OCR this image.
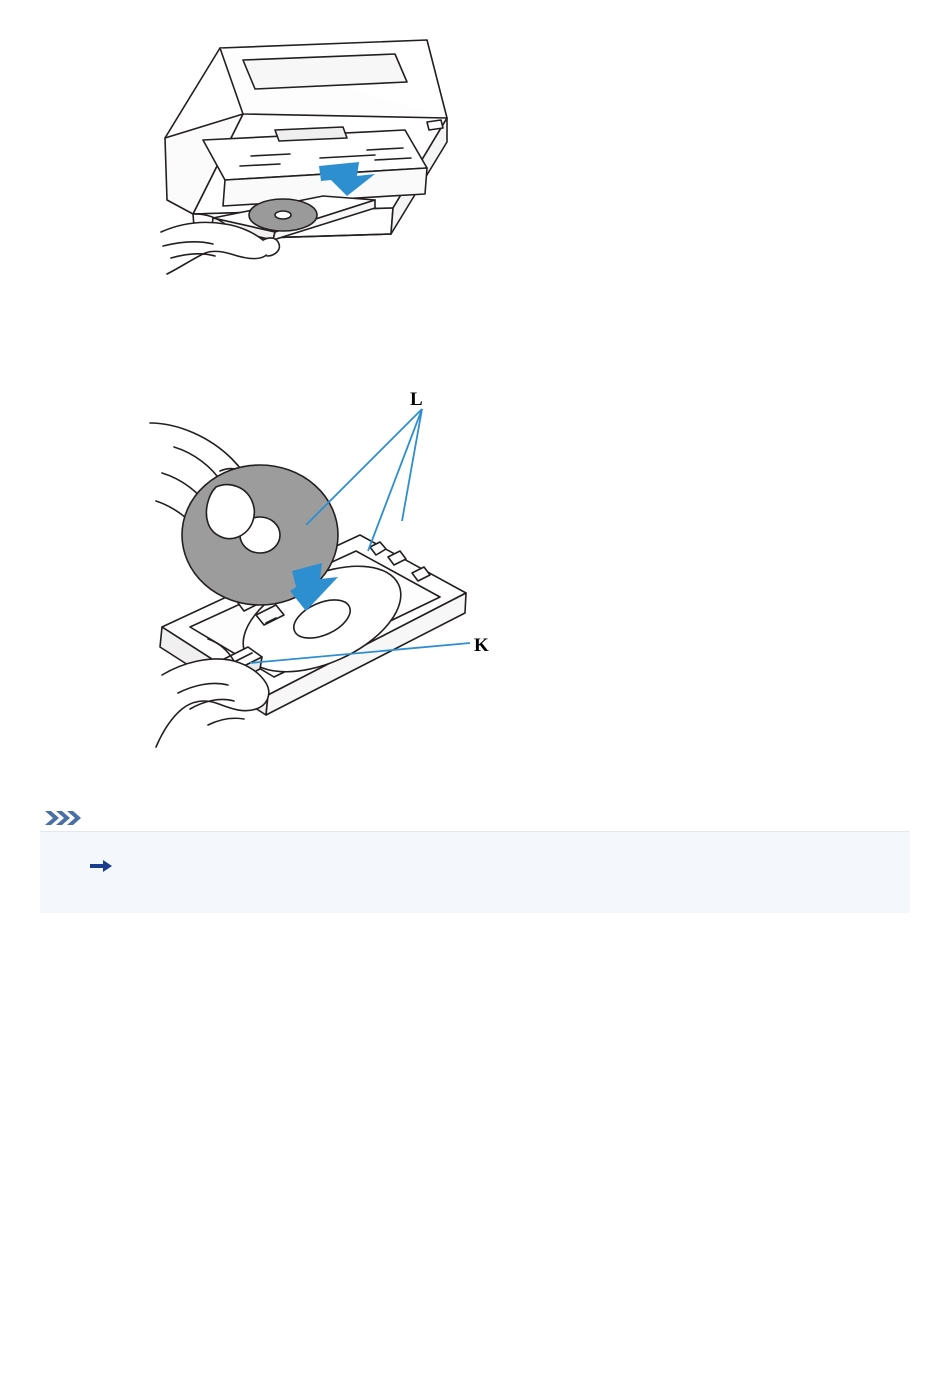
L
K
